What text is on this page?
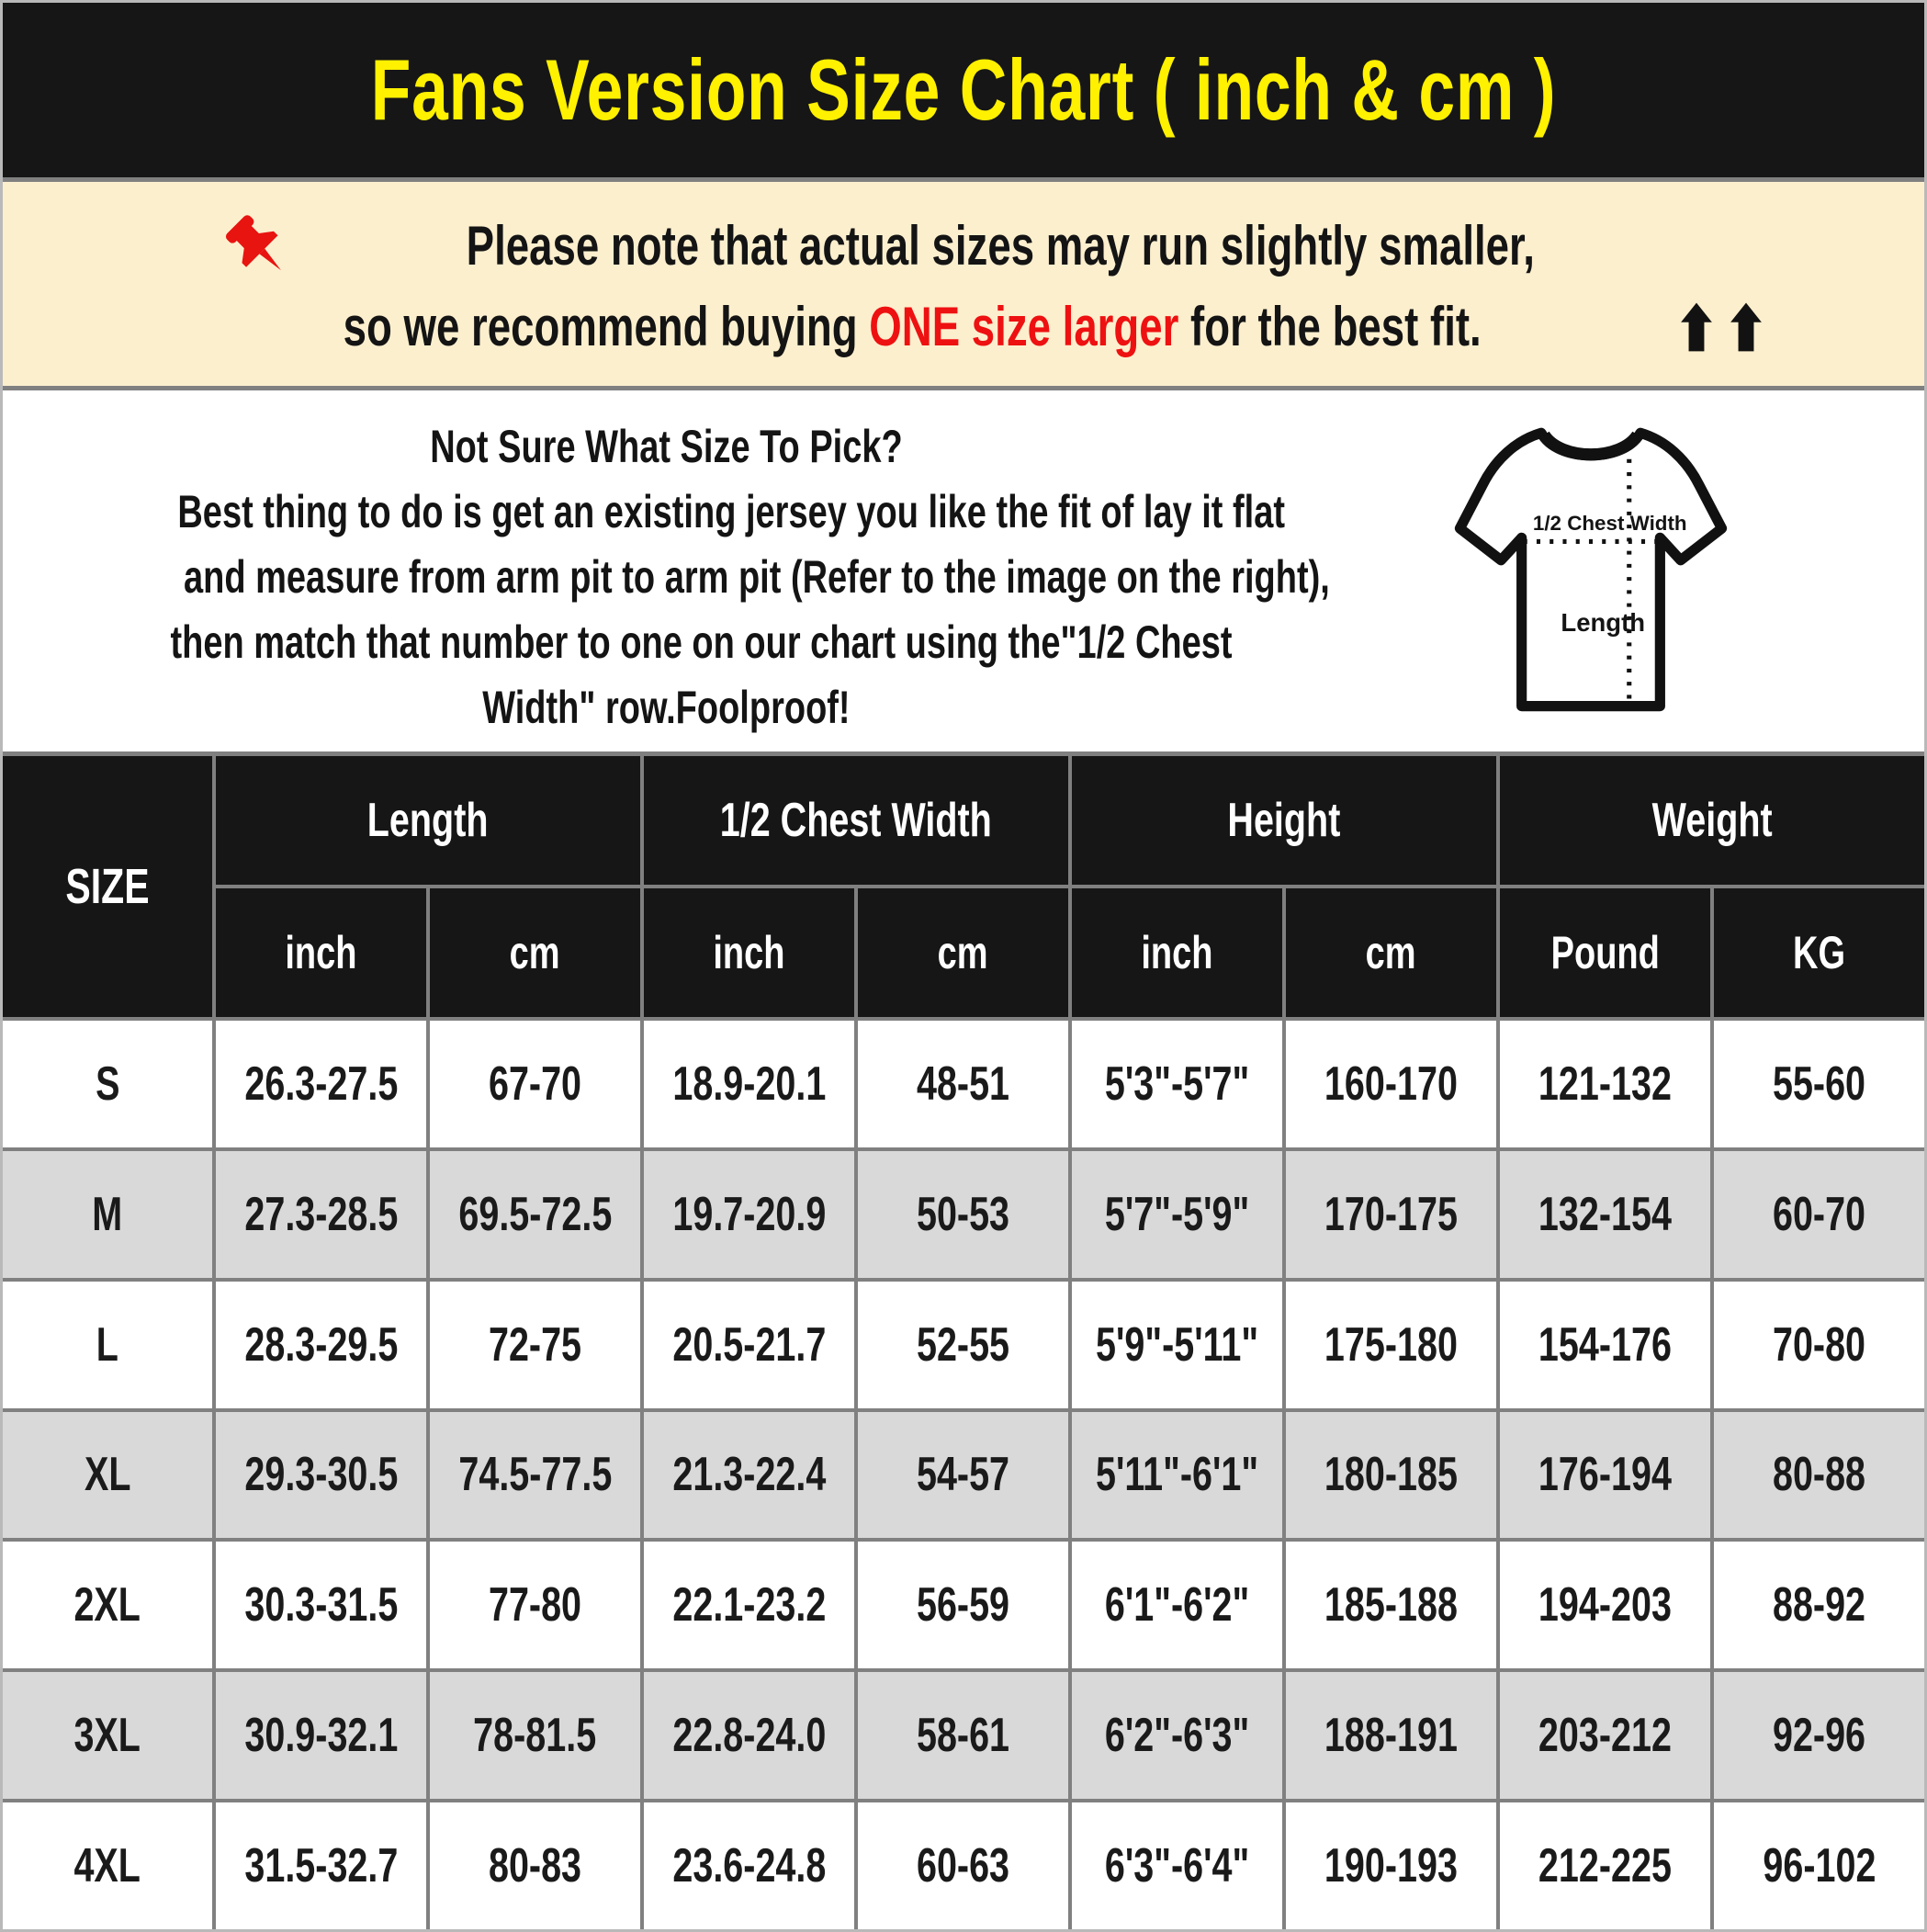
Fans Version Size Chart ( inch & cm )
Please note that actual sizes may run slightly smaller,
so we recommend buying ONE size larger for the best fit.
Not Sure What Size To Pick?
Best thing to do is get an existing jersey you like the fit of lay it flat
and measure from arm pit to arm pit (Refer to the image on the right),
then match that number to one on our chart using the"1/2 Chest
Width" row.Foolproof!
1/2 Chest Width
Length
SIZE
Length	1/2 Chest Width	Height	Weight
inch	cm	inch	cm	inch	cm	Pound	KG
S	26.3-27.5 67-70 18.9-20.1 48-51 5'3"-5'7" 160-170 121-132 55-60
M	27.3-28.5 69.5-72.5 19.7-20.9 50-53 5'7"-5'9" 170-175 132-154 60-70
L	28.3-29.5 72-75 20.5-21.7 52-55 5'9"-5'11" 175-180 154-176 70-80
XL 29.3-30.5 74.5-77.5 21.3-22.4 54-57 5'11"-6'1" 180-185 176-194 80-88
2XL 30.3-31.5 77-80 22.1-23.2 56-59 6'1"-6'2" 185-188 194-203 88-92
3XL 30.9-32.1 78-81.5 22.8-24.0 58-61 6'2"-6'3" 188-191 203-212 92-96
4XL 31.5-32.7 80-83 23.6-24.8 60-63 6'3"-6'4" 190-193 212-225 96-102
